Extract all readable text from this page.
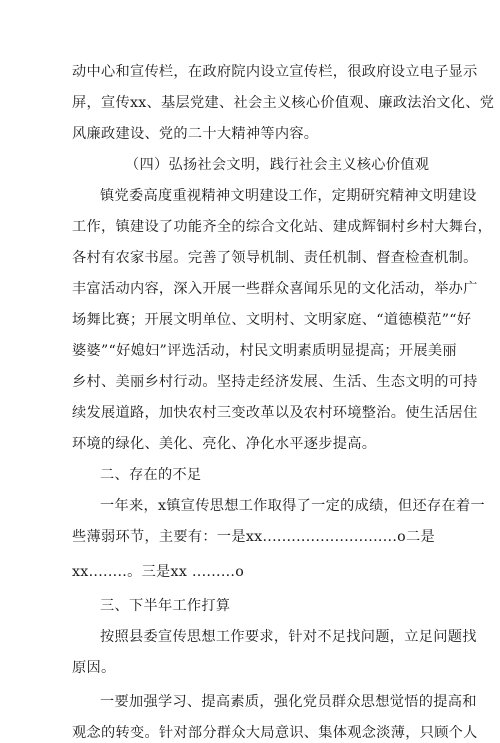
动中心和宣传栏，在政府院内设立宣传栏，很政府设立电子显示
屏，宣传xx、基层党建、社会主义核心价值观、廉政法治文化、党
风廉政建设、党的二十大精神等内容。
（四）弘扬社会文明，践行社会主义核心价值观
镇党委高度重视精神文明建设工作，定期研究精神文明建设
工作，镇建设了功能齐全的综合文化站、建成辉铜村乡村大舞台，
各村有农家书屋。完善了领导机制、责任机制、督查检查机制。
丰富活动内容，深入开展一些群众喜闻乐见的文化活动，举办广
场舞比赛；开展文明单位、文明村、文明家庭、“道德模范”“好
婆婆”“好媳妇”评选活动，村民文明素质明显提高；开展美丽
乡村、美丽乡村行动。坚持走经济发展、生活、生态文明的可持
续发展道路，加快农村三变改革以及农村环境整治。使生活居住
环境的绿化、美化、亮化、净化水平逐步提高。
二、存在的不足
一年来，x镇宣传思想工作取得了一定的成绩，但还存在着一
些薄弱环节，主要有：一是xx............................o二是
xx........。三是xx .........o
三、下半年工作打算
按照县委宣传思想工作要求，针对不足找问题，立足问题找
原因。
一要加强学习、提高素质，强化党员群众思想觉悟的提高和
观念的转变。针对部分群众大局意识、集体观念淡薄，只顾个人
